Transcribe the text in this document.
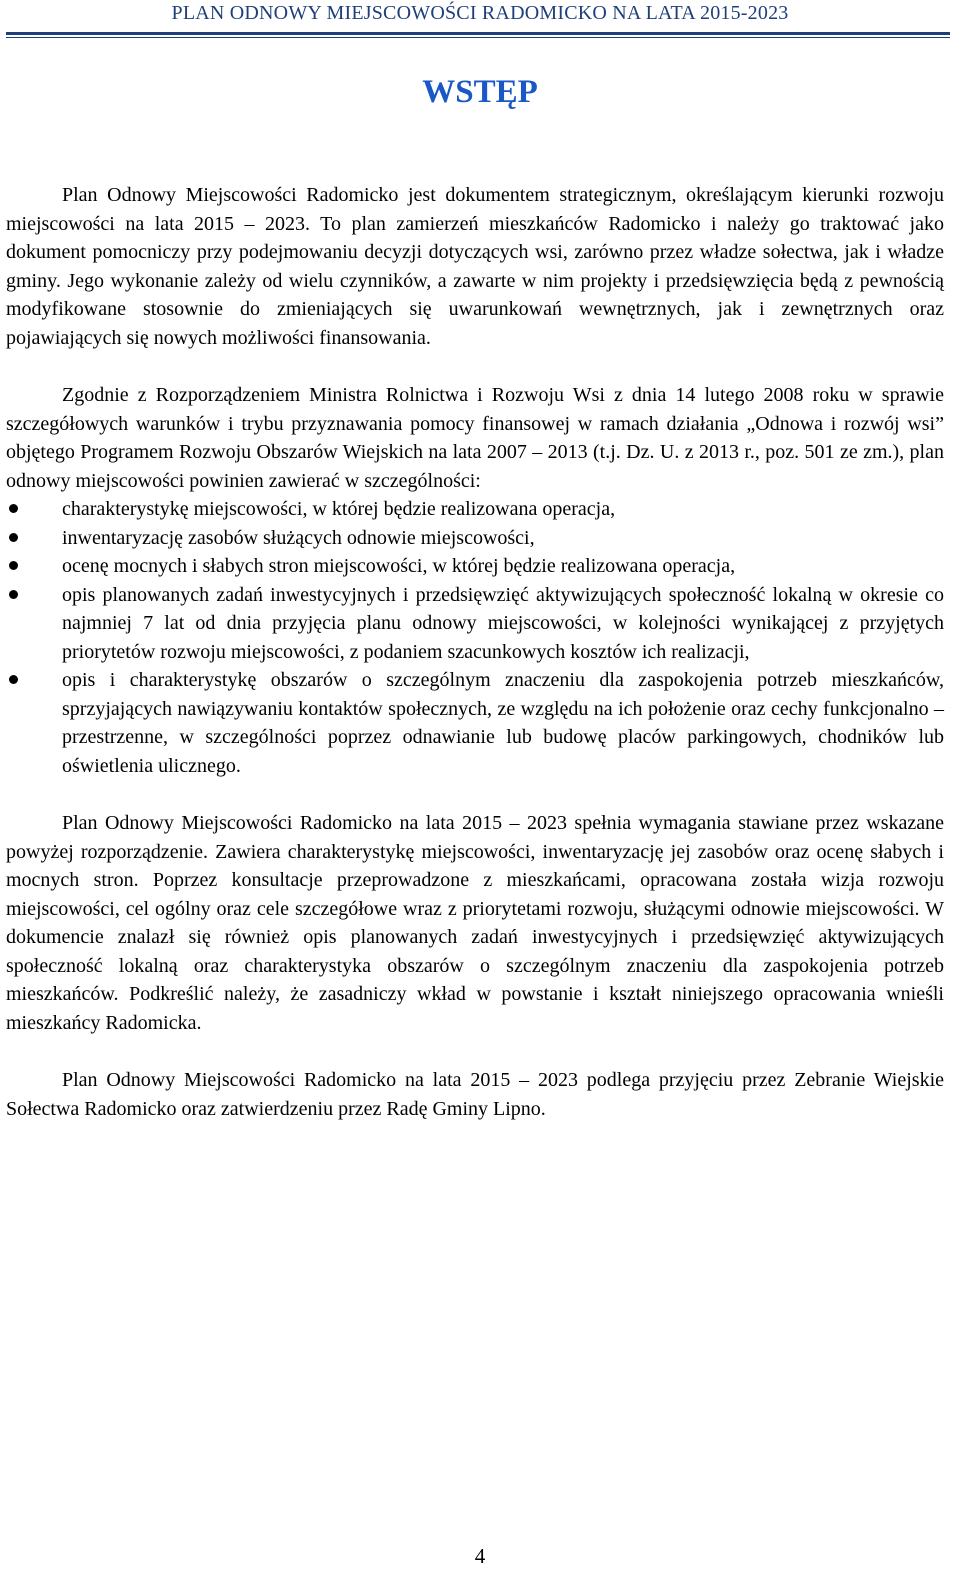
PLAN ODNOWY MIEJSCOWOŚCI RADOMICKO NA LATA 2015-2023
WSTĘP

Plan Odnowy Miejscowości Radomicko jest dokumentem strategicznym, określającym kierunki rozwoju miejscowości na lata 2015 – 2023. To plan zamierzeń mieszkańców Radomicko i należy go traktować jako dokument pomocniczy przy podejmowaniu decyzji dotyczących wsi, zarówno przez władze sołectwa, jak i władze gminy. Jego wykonanie zależy od wielu czynników, a zawarte w nim projekty i przedsięwzięcia będą z pewnością modyfikowane stosownie do zmieniających się uwarunkowań wewnętrznych, jak i zewnętrznych oraz pojawiających się nowych możliwości finansowania.

Zgodnie z Rozporządzeniem Ministra Rolnictwa i Rozwoju Wsi z dnia 14 lutego 2008 roku w sprawie szczegółowych warunków i trybu przyznawania pomocy finansowej w ramach działania „Odnowa i rozwój wsi” objętego Programem Rozwoju Obszarów Wiejskich na lata 2007 – 2013 (t.j. Dz. U. z 2013 r., poz. 501 ze zm.), plan odnowy miejscowości powinien zawierać w szczególności:

charakterystykę miejscowości, w której będzie realizowana operacja,
inwentaryzację zasobów służących odnowie miejscowości,
ocenę mocnych i słabych stron miejscowości, w której będzie realizowana operacja,
opis planowanych zadań inwestycyjnych i przedsięwzięć aktywizujących społeczność lokalną w okresie co najmniej 7 lat od dnia przyjęcia planu odnowy miejscowości, w kolejności wynikającej z przyjętych priorytetów rozwoju miejscowości, z podaniem szacunkowych kosztów ich realizacji,
opis i charakterystykę obszarów o szczególnym znaczeniu dla zaspokojenia potrzeb mieszkańców, sprzyjających nawiązywaniu kontaktów społecznych, ze względu na ich położenie oraz cechy funkcjonalno – przestrzenne, w szczególności poprzez odnawianie lub budowę placów parkingowych, chodników lub oświetlenia ulicznego.

Plan Odnowy Miejscowości Radomicko na lata 2015 – 2023 spełnia wymagania stawiane przez wskazane powyżej rozporządzenie. Zawiera charakterystykę miejscowości, inwentaryzację jej zasobów oraz ocenę słabych i mocnych stron. Poprzez konsultacje przeprowadzone z mieszkańcami, opracowana została wizja rozwoju miejscowości, cel ogólny oraz cele szczegółowe wraz z priorytetami rozwoju, służącymi odnowie miejscowości. W dokumencie znalazł się również opis planowanych zadań inwestycyjnych i przedsięwzięć aktywizujących społeczność lokalną oraz charakterystyka obszarów o szczególnym znaczeniu dla zaspokojenia potrzeb mieszkańców. Podkreślić należy, że zasadniczy wkład w powstanie i kształt niniejszego opracowania wnieśli mieszkańcy Radomicka.

Plan Odnowy Miejscowości Radomicko na lata 2015 – 2023 podlega przyjęciu przez Zebranie Wiejskie Sołectwa Radomicko oraz zatwierdzeniu przez Radę Gminy Lipno.

4
